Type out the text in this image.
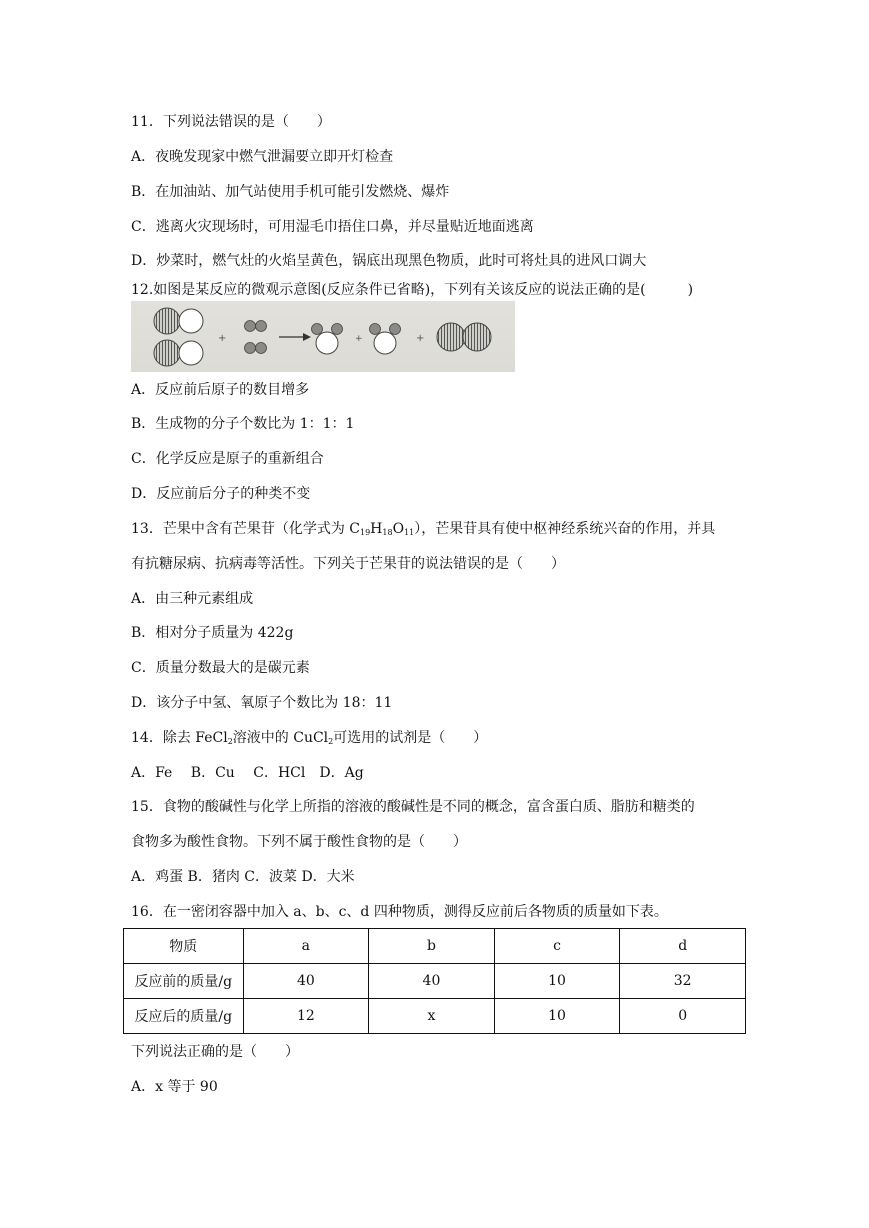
11．下列说法错误的是（　　）
A．夜晚发现家中燃气泄漏要立即开灯检查
B．在加油站、加气站使用手机可能引发燃烧、爆炸
C．逃离火灾现场时，可用湿毛巾捂住口鼻，并尽量贴近地面逃离
D．炒菜时，燃气灶的火焰呈黄色，锅底出现黑色物质，此时可将灶具的进风口调大
12.如图是某反应的微观示意图(反应条件已省略)，下列有关该反应的说法正确的是(　　　)
+	+	+
A．反应前后原子的数目增多
B．生成物的分子个数比为 1：1：1
C．化学反应是原子的重新组合
D．反应前后分子的种类不变
13．芒果中含有芒果苷（化学式为 $C_{19}H_{18}O_{11}$），芒果苷具有使中枢神经系统兴奋的作用，并具
有抗糖尿病、抗病毒等活性。下列关于芒果苷的说法错误的是（　　）
A．由三种元素组成
B．相对分子质量为 422g
C．质量分数最大的是碳元素
D．该分子中氢、氧原子个数比为 18：11
14．除去 FeCl$_2$溶液中的 CuCl$_2$可选用的试剂是（　　）
A．Fe　 B．Cu　 C．HCl　D．Ag
15．食物的酸碱性与化学上所指的溶液的酸碱性是不同的概念，富含蛋白质、脂肪和糖类的
食物多为酸性食物。下列不属于酸性食物的是（　　）
A．鸡蛋 B．猪肉 C．波菜 D．大米
16．在一密闭容器中加入 a、b、c、d 四种物质，测得反应前后各物质的质量如下表。
物质	a	b	c	d
反应前的质量/g	40	40	10	32
反应后的质量/g	12	x	10	0
下列说法正确的是（　　）
A．x 等于 90
